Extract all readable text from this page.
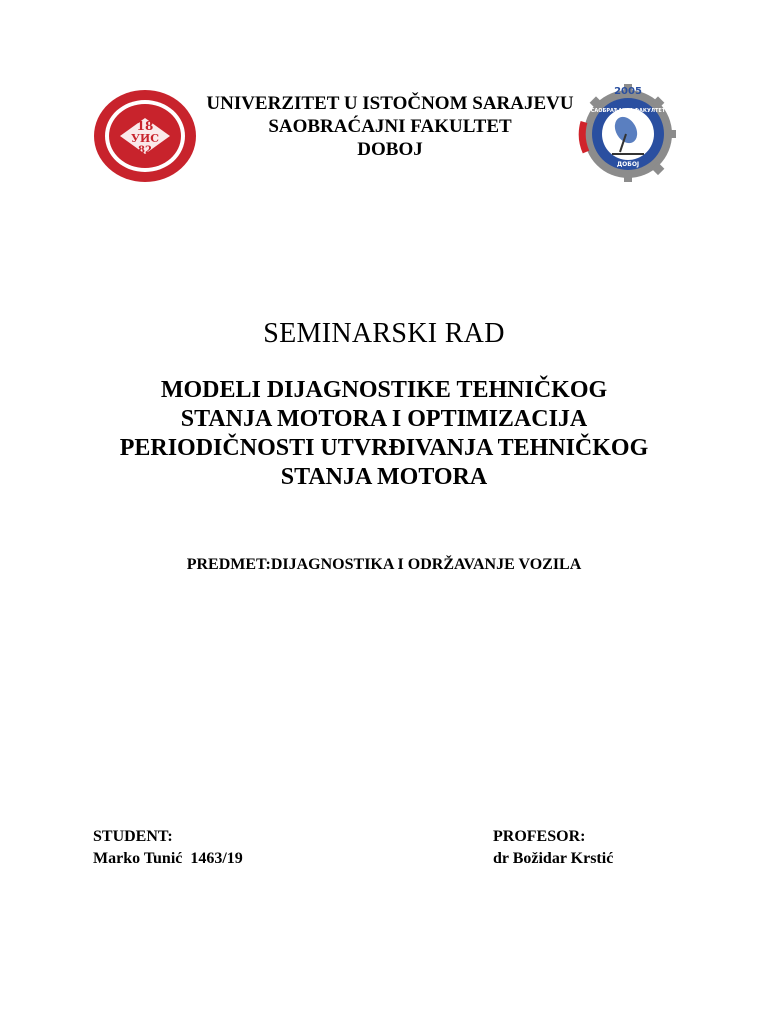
18
УИС
82
UNIVERZITET U ISTOČNOM SARAJEVU
SAOBRAĆAJNI FAKULTET
DOBOJ
2005
САОБРАЋАЈНИ ФАКУЛТЕТ
ДОБОЈ
SEMINARSKI RAD
MODELI DIJAGNOSTIKE TEHNIČKOG
STANJA MOTORA I OPTIMIZACIJA
PERIODIČNOSTI UTVRĐIVANJA TEHNIČKOG
STANJA MOTORA
PREDMET:DIJAGNOSTIKA I ODRŽAVANJE VOZILA
STUDENT:
Marko Tunić  1463/19
PROFESOR:
dr Božidar Krstić
